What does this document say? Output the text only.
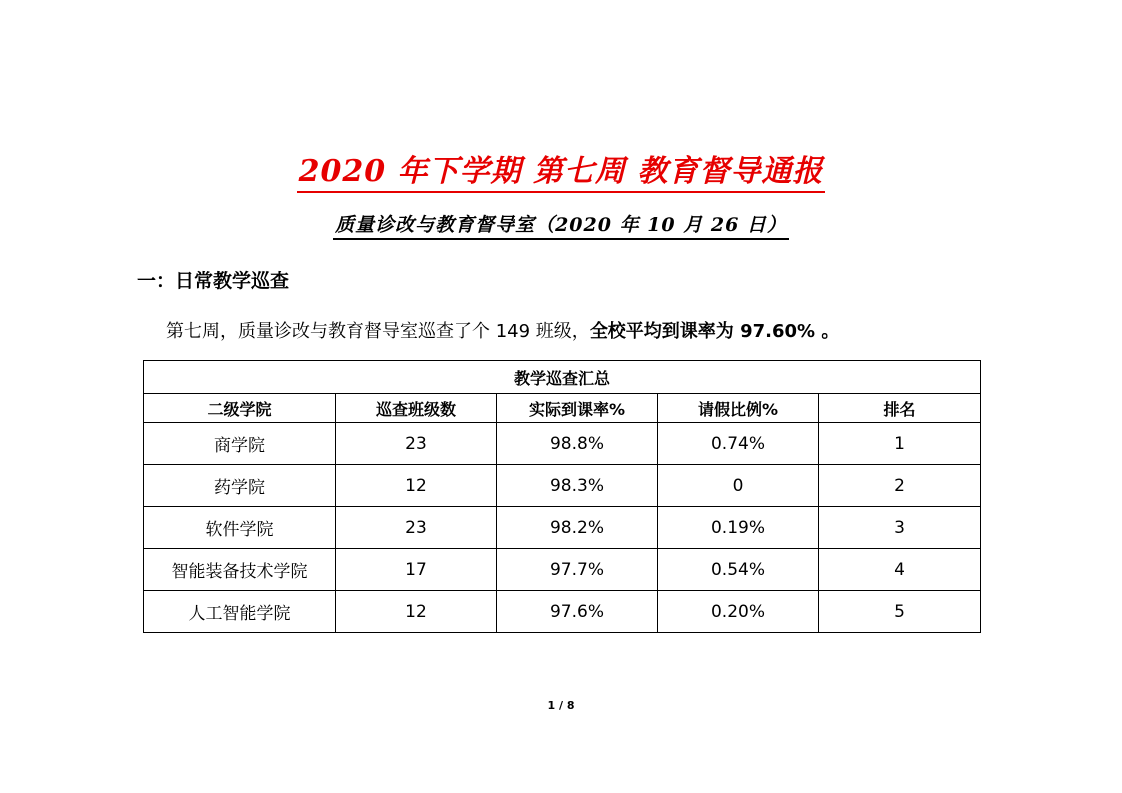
2020 年下学期 第七周 教育督导通报
质量诊改与教育督导室（2020 年 10 月 26 日）
一：日常教学巡查
第七周，质量诊改与教育督导室巡查了个 149 班级，全校平均到课率为 97.60% 。
教学巡查汇总				
二级学院	巡查班级数	实际到课率%	请假比例%	排名
商学院	23	98.8%	0.74%	1
药学院	12	98.3%	0	2
软件学院	23	98.2%	0.19%	3
智能装备技术学院	17	97.7%	0.54%	4
人工智能学院	12	97.6%	0.20%	5
1 / 8
